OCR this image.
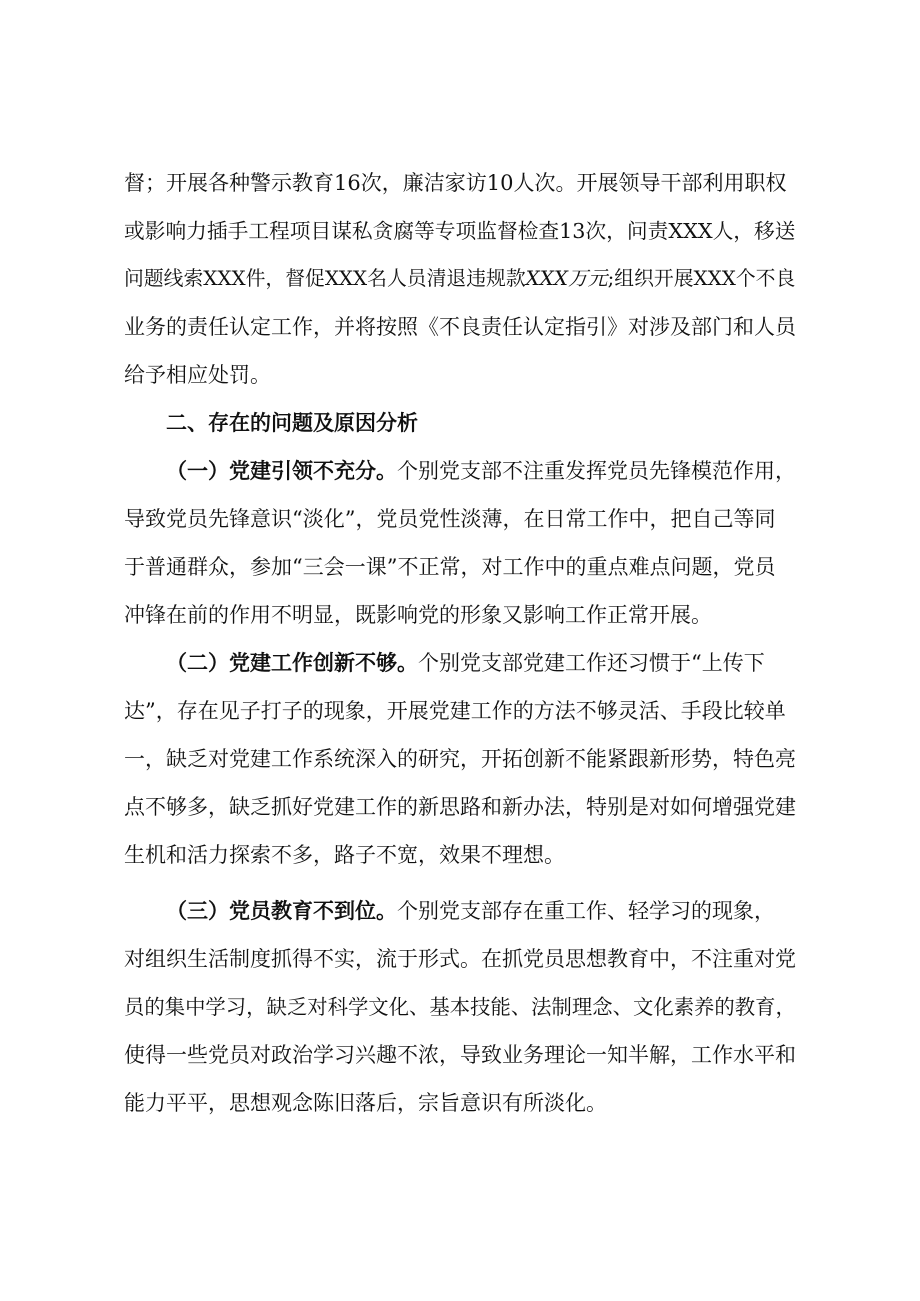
督；开展各种警示教育16次，廉洁家访10人次。开展领导干部利用职权
或影响力插手工程项目谋私贪腐等专项监督检查13次，问责XXX人，移送
问题线索XXX件，督促XXX名人员清退违规款XXX万元;组织开展XXX个不良
业务的责任认定工作，并将按照《不良责任认定指引》对涉及部门和人员
给予相应处罚。
二、存在的问题及原因分析
（一）党建引领不充分。个别党支部不注重发挥党员先锋模范作用，
导致党员先锋意识“淡化”，党员党性淡薄，在日常工作中，把自己等同
于普通群众，参加“三会一课”不正常，对工作中的重点难点问题，党员
冲锋在前的作用不明显，既影响党的形象又影响工作正常开展。
（二）党建工作创新不够。个别党支部党建工作还习惯于“上传下
达”，存在见子打子的现象，开展党建工作的方法不够灵活、手段比较单
一，缺乏对党建工作系统深入的研究，开拓创新不能紧跟新形势，特色亮
点不够多，缺乏抓好党建工作的新思路和新办法，特别是对如何增强党建
生机和活力探索不多，路子不宽，效果不理想。
（三）党员教育不到位。个别党支部存在重工作、轻学习的现象，
对组织生活制度抓得不实，流于形式。在抓党员思想教育中，不注重对党
员的集中学习，缺乏对科学文化、基本技能、法制理念、文化素养的教育，
使得一些党员对政治学习兴趣不浓，导致业务理论一知半解，工作水平和
能力平平，思想观念陈旧落后，宗旨意识有所淡化。
